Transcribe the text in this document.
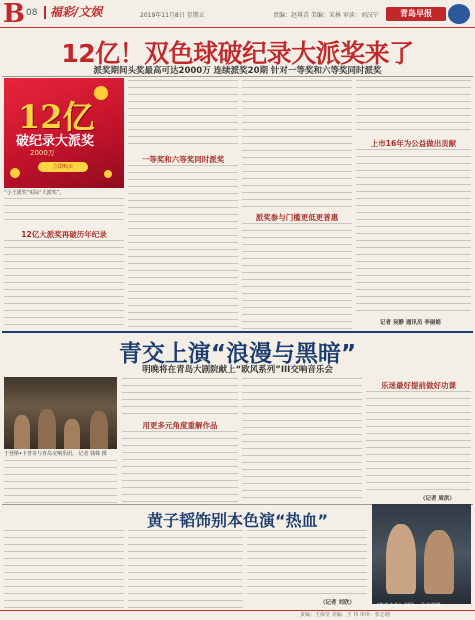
B 08	福彩/文娱	2019年11月8日 星期五	责编：赵琪青 美编：宋林 审读：刘汉宁	青岛早报
12亿！双色球破纪录大派奖来了
派奖期间头奖最高可达2000万 连续派奖20期 针对一等奖和六等奖同时派奖
12亿
破纪录大派奖
2000万
立即购买
“小王派奖”实际“大派奖”。
12亿大派奖再破历年纪录
一等奖和六等奖同时派奖
派奖参与门槛更低更普惠
上市16年为公益做出贡献
记者 吴静 通讯员 李丽娟
青交上演“浪漫与黑暗”
明晚将在青岛大剧院献上“欧风系列”III交响音乐会
于登斯•卡普奇与青岛交响乐团。 记者 钱姝 摄
用更多元角度重解作品
乐迷最好提前做好功课
（记者 周洪）
黄子韬饰别本色演“热血”
（记者 刘欣）	《热血少年》剧照。 片方供图
责编：王保堂 美编：王 伟 审读：张志刚
